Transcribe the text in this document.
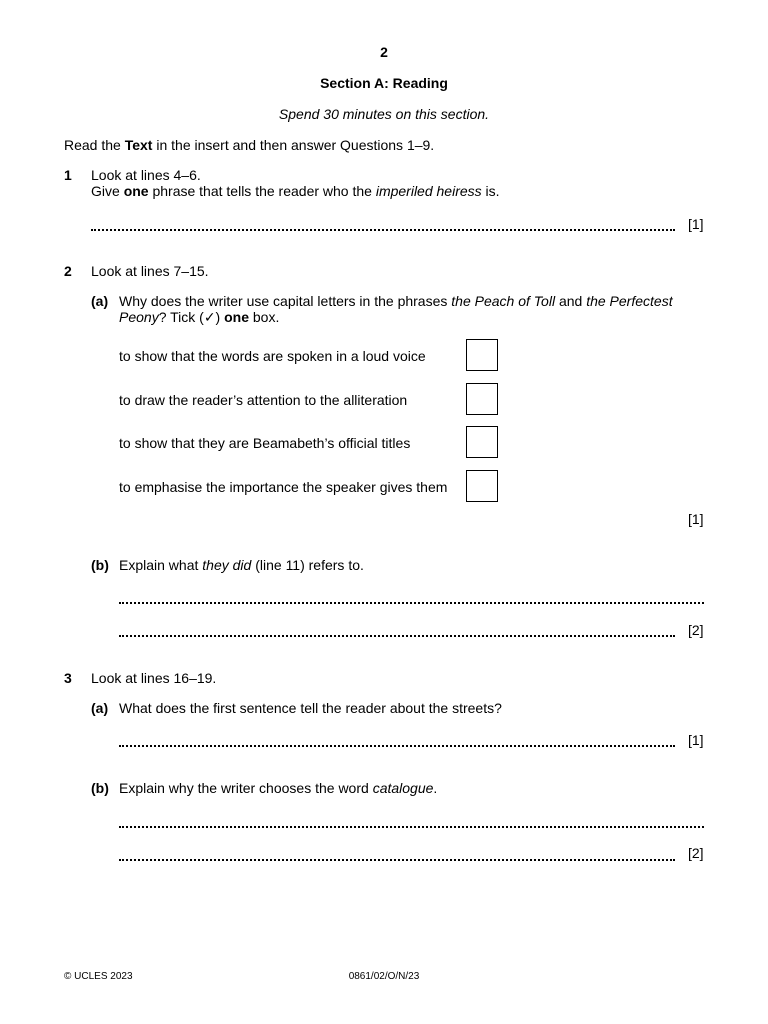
2
Section A: Reading
Spend 30 minutes on this section.
Read the Text in the insert and then answer Questions 1–9.
1 Look at lines 4–6.
Give one phrase that tells the reader who the imperiled heiress is.
[1]
2 Look at lines 7–15.
(a) Why does the writer use capital letters in the phrases the Peach of Toll and the Perfectest
Peony? Tick (✓) one box.
to show that the words are spoken in a loud voice
to draw the reader’s attention to the alliteration
to show that they are Beamabeth’s official titles
to emphasise the importance the speaker gives them
[1]
(b) Explain what they did (line 11) refers to.
[2]
3 Look at lines 16–19.
(a) What does the first sentence tell the reader about the streets?
[1]
(b) Explain why the writer chooses the word catalogue.
[2]
© UCLES 2023	0861/02/O/N/23
